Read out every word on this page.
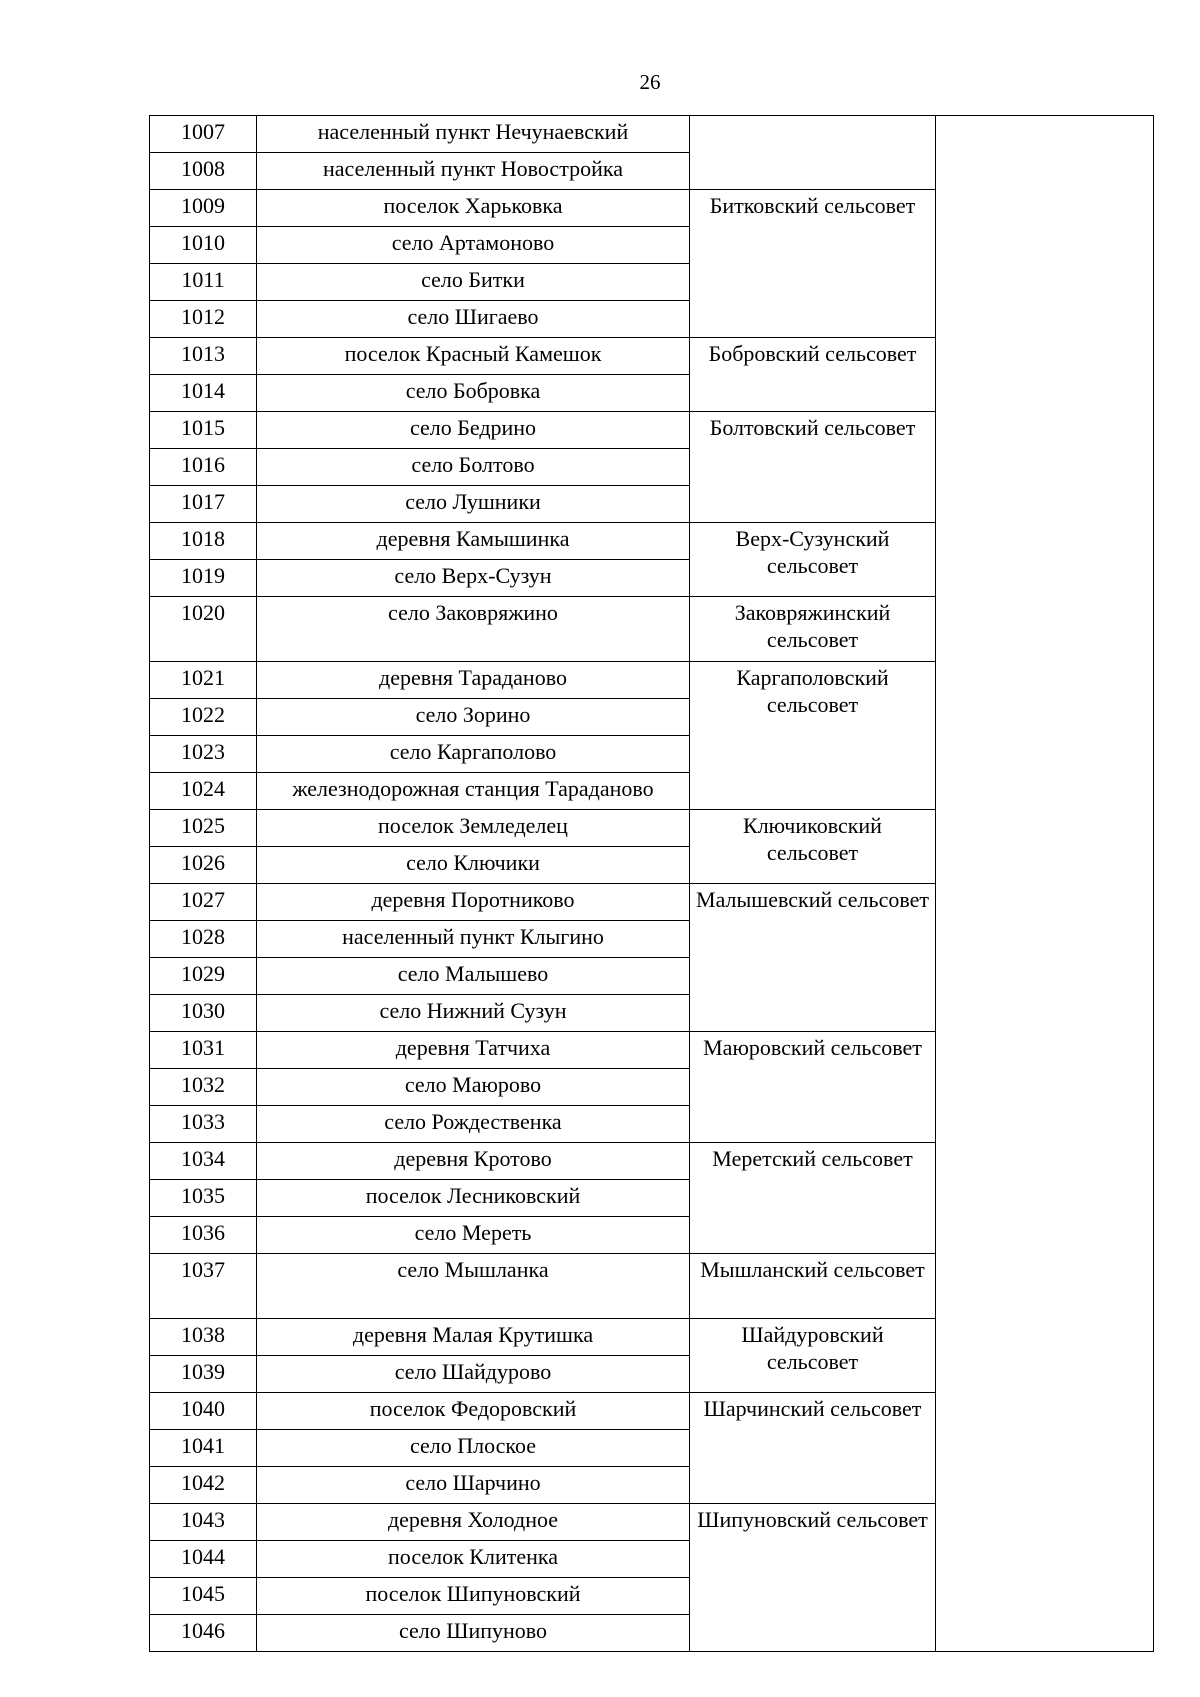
26
1007	населенный пункт Нечунаевский		
1008	населенный пункт Новостройка		
1009	поселок Харьковка	Битковский сельсовет	
1010	село Артамоново		
1011	село Битки		
1012	село Шигаево		
1013	поселок Красный Камешок	Бобровский сельсовет	
1014	село Бобровка		
1015	село Бедрино	Болтовский сельсовет	
1016	село Болтово		
1017	село Лушники		
1018	деревня Камышинка	Верх-Сузунский сельсовет	
1019	село Верх-Сузун		
1020	село Заковряжино	Заковряжинский сельсовет	
1021	деревня Тараданово	Каргаполовский сельсовет	
1022	село Зорино		
1023	село Каргаполово		
1024	железнодорожная станция Тараданово		
1025	поселок Земледелец	Ключиковский сельсовет	
1026	село Ключики		
1027	деревня Поротниково	Малышевский сельсовет	
1028	населенный пункт Клыгино		
1029	село Малышево		
1030	село Нижний Сузун		
1031	деревня Татчиха	Маюровский сельсовет	
1032	село Маюрово		
1033	село Рождественка		
1034	деревня Кротово	Меретский сельсовет	
1035	поселок Лесниковский		
1036	село Мереть		
1037	село Мышланка	Мышланский сельсовет	
1038	деревня Малая Крутишка	Шайдуровский сельсовет	
1039	село Шайдурово		
1040	поселок Федоровский	Шарчинский сельсовет	
1041	село Плоское		
1042	село Шарчино		
1043	деревня Холодное	Шипуновский сельсовет	
1044	поселок Клитенка		
1045	поселок Шипуновский		
1046	село Шипуново		
